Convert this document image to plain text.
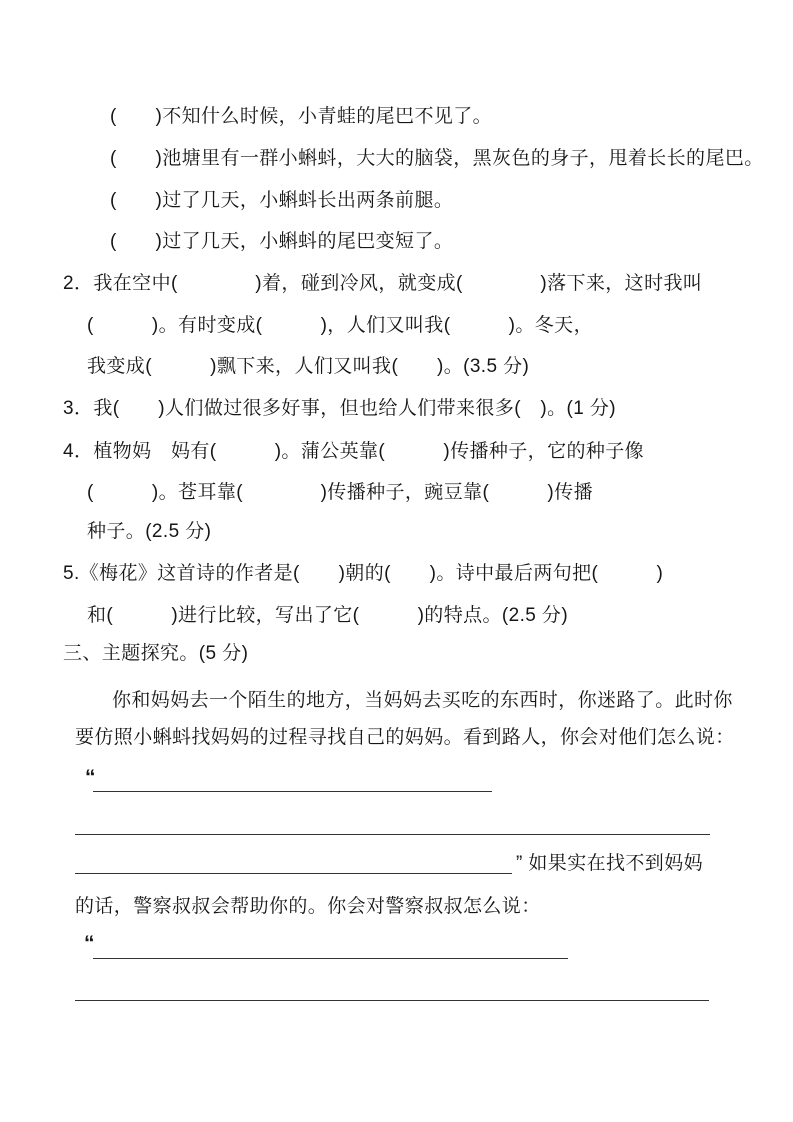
(　　)不知什么时候，小青蛙的尾巴不见了。
(　　)池塘里有一群小蝌蚪，大大的脑袋，黑灰色的身子，甩着长长的尾巴。
(　　)过了几天，小蝌蚪长出两条前腿。
(　　)过了几天，小蝌蚪的尾巴变短了。
2．我在空中(　　　　)着，碰到冷风，就变成(　　　　)落下来，这时我叫
(　　　)。有时变成(　　　)，人们又叫我(　　　)。冬天，
我变成(　　　)飘下来，人们又叫我(　　)。(3.5 分)
3．我(　　)人们做过很多好事，但也给人们带来很多(　)。(1 分)
4．植物妈　妈有(　　　)。蒲公英靠(　　　)传播种子，它的种子像
(　　　)。苍耳靠(　　　　)传播种子，豌豆靠(　　　)传播
种子。(2.5 分)
5.《梅花》这首诗的作者是(　　)朝的(　　)。诗中最后两句把(　　　)
和(　　　)进行比较，写出了它(　　　)的特点。(2.5 分)
三、主题探究。(5 分)
你和妈妈去一个陌生的地方，当妈妈去买吃的东西时，你迷路了。此时你
要仿照小蝌蚪找妈妈的过程寻找自己的妈妈。看到路人，你会对他们怎么说：
“
” 如果实在找不到妈妈
的话，警察叔叔会帮助你的。你会对警察叔叔怎么说：
“
